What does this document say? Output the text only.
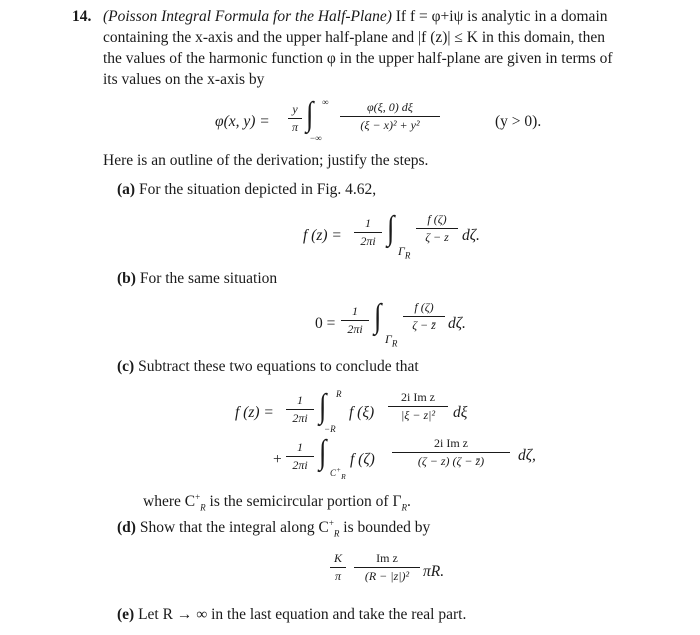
14. (Poisson Integral Formula for the Half-Plane) If f = φ+iψ is analytic in a domain
containing the x-axis and the upper half-plane and |f (z)| ≤ K in this domain, then
the values of the harmonic function φ in the upper half-plane are given in terms of
its values on the x-axis by
φ(x, y) =
y
π ∫ ∞
−∞
φ(ξ, 0) dξ
(ξ − x)² + y²	(y > 0).
Here is an outline of the derivation; justify the steps.
(a) For the situation depicted in Fig. 4.62,
f (z) =
1
2πi ∫
$\Gamma_R$
f (ζ)
ζ − z dζ.
(b) For the same situation
0 =
1
2πi ∫
$\Gamma_R$
f (ζ)
ζ − z̄ dζ.
(c) Subtract these two equations to conclude that
f (z) =
1
2πi ∫ R
−R
f (ξ)
2i Im z
|ξ − z|²	dξ
+
1
2πi ∫
$C^+_R$
f (ζ)
2i Im z
(ζ − z) (ζ − z̄)	dζ,
where $C^+_R$ is the semicircular portion of $\Gamma_R$.
(d) Show that the integral along $C^+_R$ is bounded by
K
π
Im z
(R − |z|)² πR.
(e) Let R → ∞ in the last equation and take the real part.
